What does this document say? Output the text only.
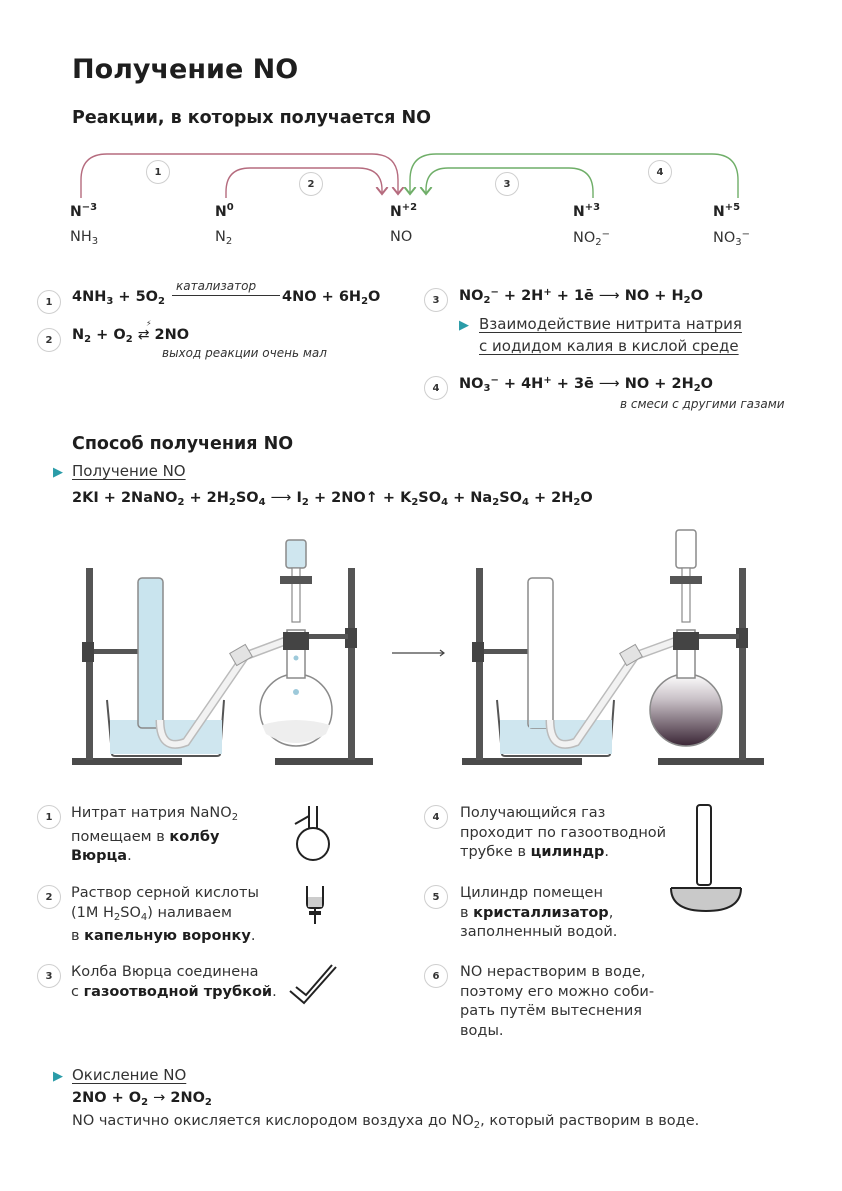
Получение NO
Реакции, в которых получается NO
1
2	3
4
$N^{-3}$	$N^0$	$N^{+2}$	$N^{+3}$	$N^{+5}$
$NH_3$	$N_2$	NO	$NO_2^-$	$NO_3^-$
1	$4NH_3 + 5O_2$	$4NO + 6H_2O$
катализатор
2	$N_2 + O_2$ ⇄ 2NO
⚡
выход реакции очень мал
3	$NO_2^- + 2H^+$ + 1ē ⟶ NO + $H_2O$
▶ Взаимодействие нитрита натрия
с иодидом калия в кислой среде
4	$NO_3^- + 4H^+$ + 3ē ⟶ NO + $2H_2O$
в смеси с другими газами
Способ получения NO
▶ Получение NO
2KI + 2NaNO$_2$ + $2H_2SO_4$ ⟶ $I_2$ + 2NO↑ + $K_2SO_4 + Na_2SO_4 + 2H_2O$
1	Нитрат натрия NaNO$_2$
помещаем в колбу
Вюрца.
2	Раствор серной кислоты
(1M $H_2SO_4$) наливаем
в капельную воронку.
3	Колба Вюрца соединена
с газоотводной трубкой.
4	Получающийся газ
проходит по газоотводной
трубке в цилиндр.
5	Цилиндр помещен
в кристаллизатор,
заполненный водой.
6	NO нерастворим в воде,
поэтому его можно соби-
рать путём вытеснения
воды.
▶ Окисление NO
$2NO + O_2 \to 2NO_2$
NO частично окисляется кислородом воздуха до $NO_2$, который растворим в воде.
